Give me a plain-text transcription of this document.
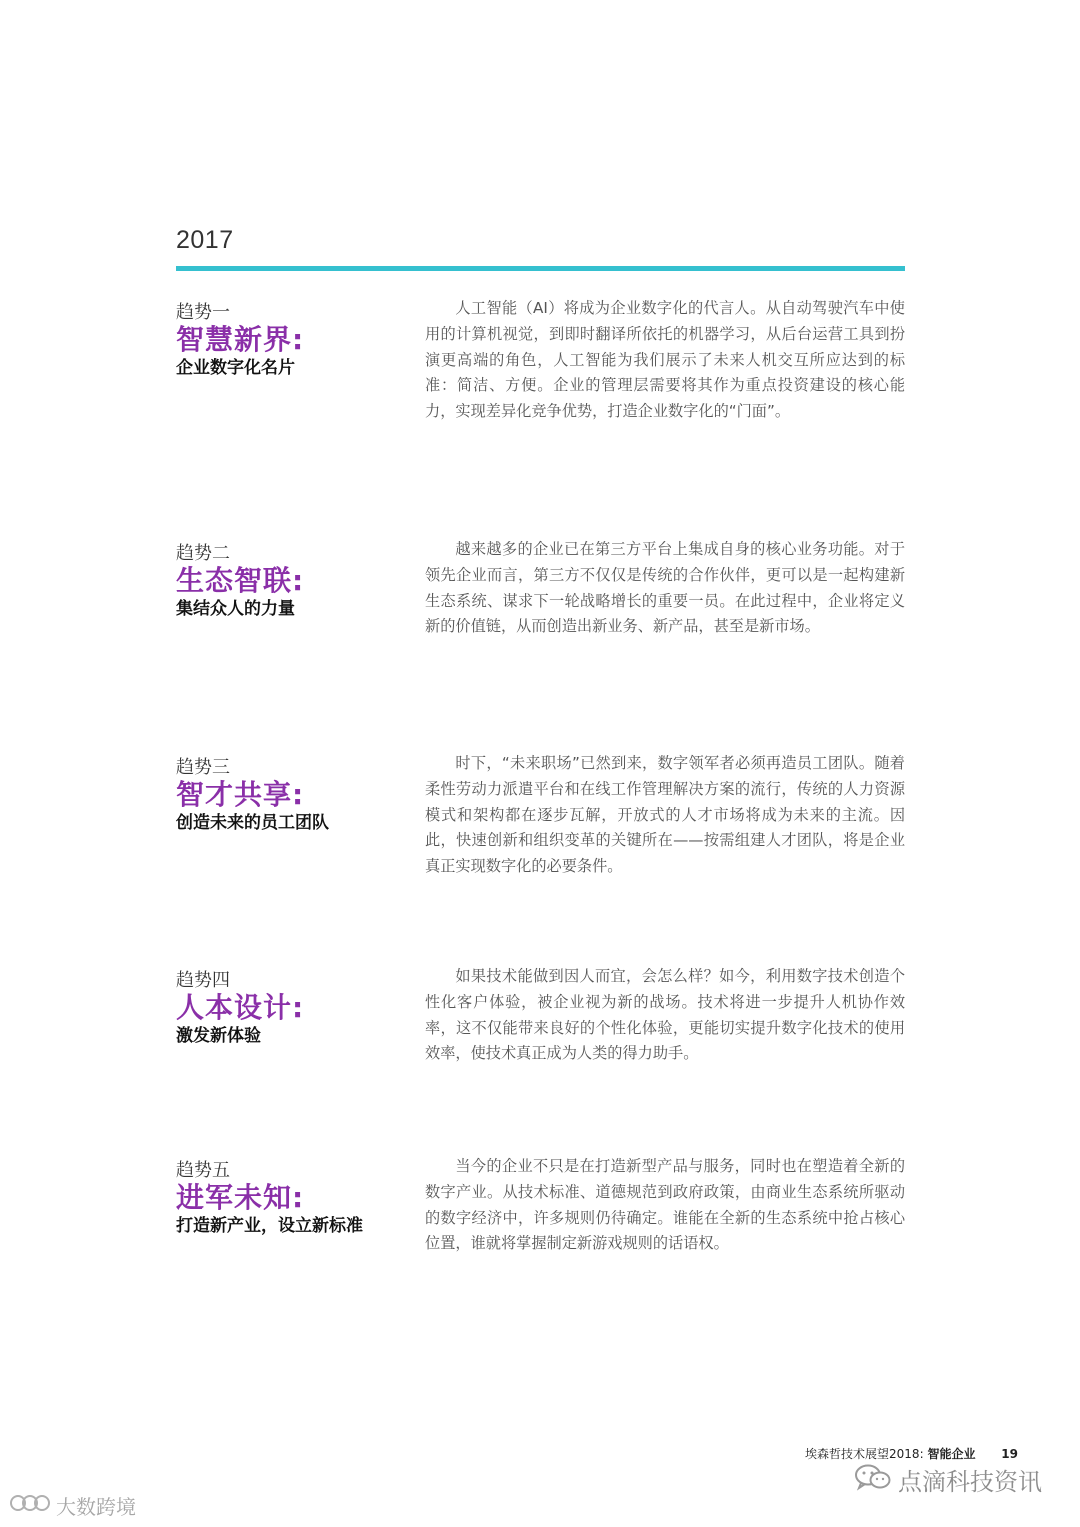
2017
趋势一
智慧新界:
企业数字化名片
人工智能（AI）将成为企业数字化的代言人。从自动驾驶汽车中使用的计算机视觉，到即时翻译所依托的机器学习，从后台运营工具到扮演更高端的角色，人工智能为我们展示了未来人机交互所应达到的标准：简洁、方便。企业的管理层需要将其作为重点投资建设的核心能力，实现差异化竞争优势，打造企业数字化的“门面”。
趋势二
生态智联:
集结众人的力量
越来越多的企业已在第三方平台上集成自身的核心业务功能。对于领先企业而言，第三方不仅仅是传统的合作伙伴，更可以是一起构建新生态系统、谋求下一轮战略增长的重要一员。在此过程中，企业将定义新的价值链，从而创造出新业务、新产品，甚至是新市场。
趋势三
智才共享:
创造未来的员工团队
时下，“未来职场”已然到来，数字领军者必须再造员工团队。随着柔性劳动力派遣平台和在线工作管理解决方案的流行，传统的人力资源模式和架构都在逐步瓦解，开放式的人才市场将成为未来的主流。因此，快速创新和组织变革的关键所在——按需组建人才团队，将是企业真正实现数字化的必要条件。
趋势四
人本设计:
激发新体验
如果技术能做到因人而宜，会怎么样？如今，利用数字技术创造个性化客户体验，被企业视为新的战场。技术将进一步提升人机协作效率，这不仅能带来良好的个性化体验，更能切实提升数字化技术的使用效率，使技术真正成为人类的得力助手。
趋势五
进军未知:
打造新产业，设立新标准
当今的企业不只是在打造新型产品与服务，同时也在塑造着全新的数字产业。从技术标准、道德规范到政府政策，由商业生态系统所驱动的数字经济中，许多规则仍待确定。谁能在全新的生态系统中抢占核心位置，谁就将掌握制定新游戏规则的话语权。
埃森哲技术展望2018: 智能企业 19
点滴科技资讯
大数跨境
